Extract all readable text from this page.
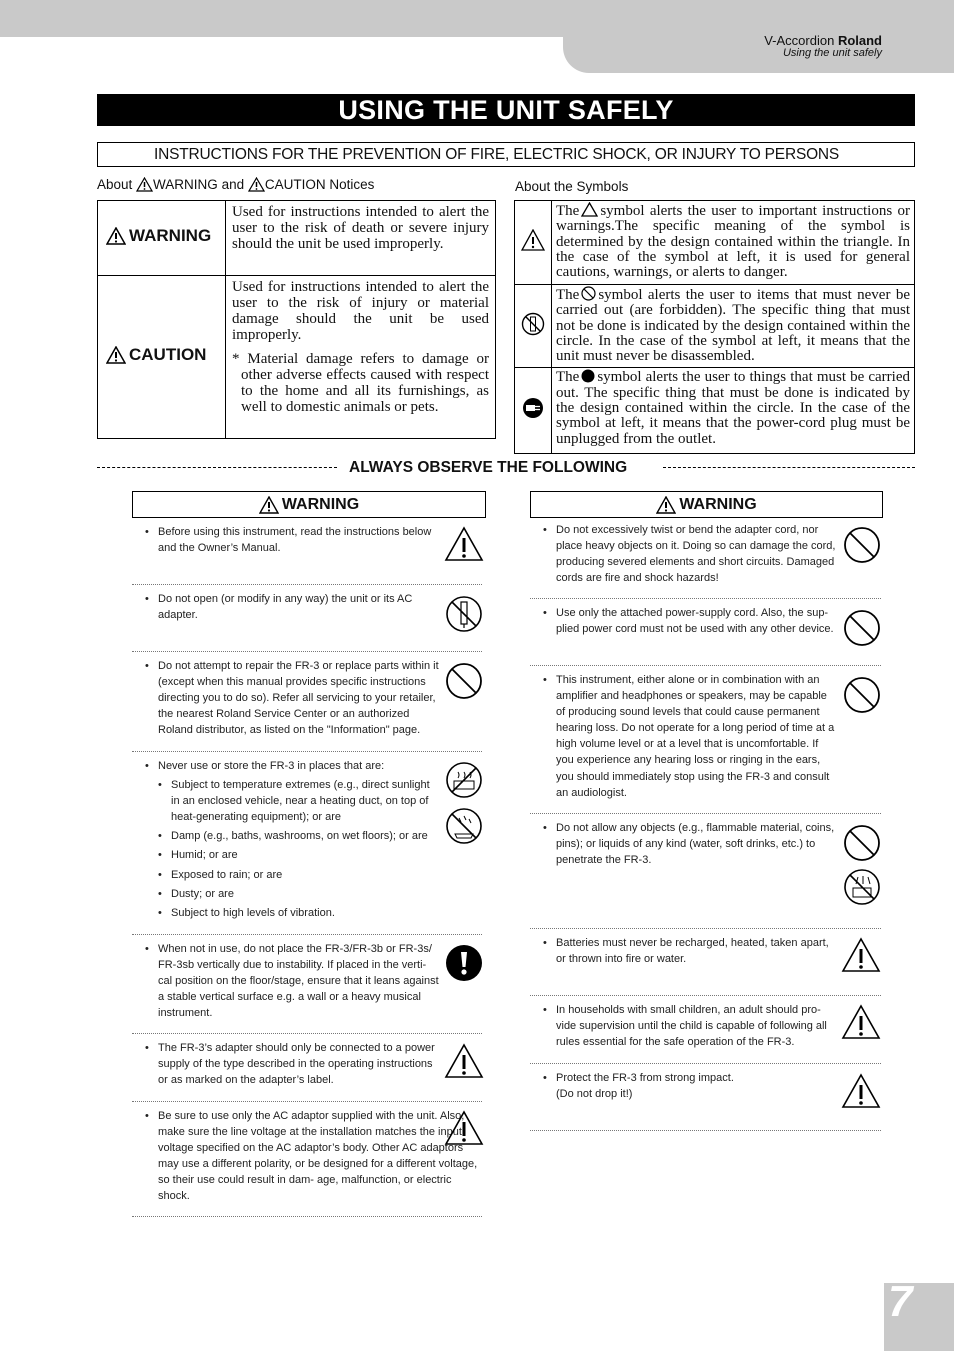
V-Accordion Roland
Using the unit safely
USING THE UNIT SAFELY
INSTRUCTIONS FOR THE PREVENTION OF FIRE, ELECTRIC SHOCK, OR INJURY TO PERSONS
About
WARNING
and
CAUTION
Notices	About the Symbols
WARNING	Used for instructions intended to alert the user to the risk of death or severe injury should the unit be used improperly.

CAUTION	Used for instructions intended to alert the user to the risk of injury or material damage should the unit be used improperly.
* Material damage refers to damage or other adverse effects caused with respect to the home and all its furnishings, as well to domestic animals or pets.
	The symbol alerts the user to important instructions or warnings.The specific meaning of the symbol is determined by the design contained within the triangle. In the case of the symbol at left, it is used for general cautions, warnings, or alerts to danger.
	The symbol alerts the user to items that must never be carried out (are forbidden). The specific thing that must not be done is indicated by the design contained within the circle. In the case of the symbol at left, it means that the unit must never be disassembled.
	The symbol alerts the user to things that must be carried out. The specific thing that must be done is indicated by the design contained within the circle. In the case of the symbol at left, it means that the power-cord plug must be unplugged from the outlet.
ALWAYS OBSERVE THE FOLLOWING
WARNING	WARNING
• Before using this instrument, read the instructions below and the Owner’s Manual.
• Do not open (or modify in any way) the unit or its AC adapter.
• Do not attempt to repair the FR-3 or replace parts within it (except when this manual provides specific instructions directing you to do so). Refer all servicing to your retailer, the nearest Roland Service Center or an authorized Roland distributor, as listed on the "Information" page.
• Never use or store the FR-3 in places that are:
• Subject to temperature extremes (e.g., direct sunlight in an enclosed vehicle, near a heating duct, on top of heat-generating equipment); or are
• Damp (e.g., baths, washrooms, on wet floors); or are
• Humid; or are
• Exposed to rain; or are
• Dusty; or are
• Subject to high levels of vibration.
• When not in use, do not place the FR-3/FR-3b or FR-3s/ FR-3sb vertically due to instability. If placed in the verti- cal position on the floor/stage, ensure that it leans against a stable vertical surface e.g. a wall or a heavy musical instrument.
• The FR-3’s adapter should only be connected to a power supply of the type described in the operating instructions or as marked on the adapter’s label.
• Be sure to use only the AC adaptor supplied with the unit. Also, make sure the line voltage at the installation matches the input voltage specified on the AC adaptor’s body. Other AC adaptors may use a different polarity, or be designed for a different voltage, so their use could result in dam- age, malfunction, or electric shock.
• Do not excessively twist or bend the adapter cord, nor place heavy objects on it. Doing so can damage the cord, producing severed elements and short circuits. Damaged cords are fire and shock hazards!
• Use only the attached power-supply cord. Also, the sup- plied power cord must not be used with any other device.
• This instrument, either alone or in combination with an amplifier and headphones or speakers, may be capable of producing sound levels that could cause permanent hearing loss. Do not operate for a long period of time at a high volume level or at a level that is uncomfortable. If you experience any hearing loss or ringing in the ears, you should immediately stop using the FR-3 and consult an audiologist.
• Do not allow any objects (e.g., flammable material, coins, pins); or liquids of any kind (water, soft drinks, etc.) to penetrate the FR-3.
• Batteries must never be recharged, heated, taken apart, or thrown into fire or water.
• In households with small children, an adult should pro- vide supervision until the child is capable of following all rules essential for the safe operation of the FR-3.
• Protect the FR-3 from strong impact.
(Do not drop it!)
7
